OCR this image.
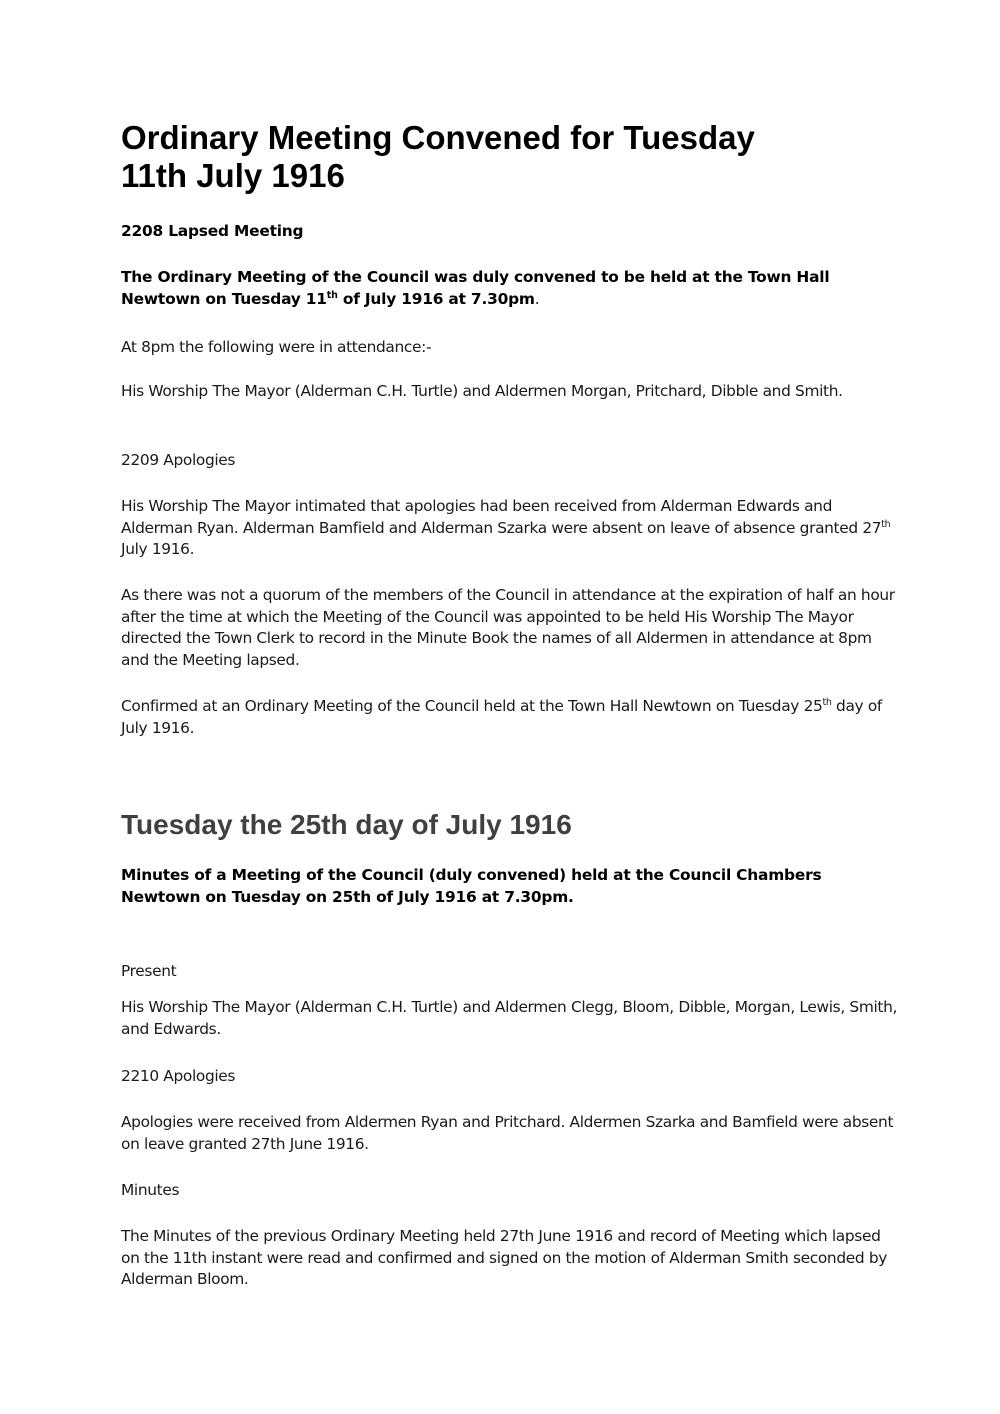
Ordinary Meeting Convened for Tuesday
11th July 1916

2208 Lapsed Meeting

The Ordinary Meeting of the Council was duly convened to be held at the Town Hall Newtown on Tuesday 11th of July 1916 at 7.30pm.

At 8pm the following were in attendance:-

His Worship The Mayor (Alderman C.H. Turtle) and Aldermen Morgan, Pritchard, Dibble and Smith.

2209 Apologies

His Worship The Mayor intimated that apologies had been received from Alderman Edwards and Alderman Ryan. Alderman Bamfield and Alderman Szarka were absent on leave of absence granted 27th July 1916.

As there was not a quorum of the members of the Council in attendance at the expiration of half an hour after the time at which the Meeting of the Council was appointed to be held His Worship The Mayor directed the Town Clerk to record in the Minute Book the names of all Aldermen in attendance at 8pm and the Meeting lapsed.

Confirmed at an Ordinary Meeting of the Council held at the Town Hall Newtown on Tuesday 25th day of July 1916.

Tuesday the 25th day of July 1916

Minutes of a Meeting of the Council (duly convened) held at the Council Chambers Newtown on Tuesday on 25th of July 1916 at 7.30pm.

Present

His Worship The Mayor (Alderman C.H. Turtle) and Aldermen Clegg, Bloom, Dibble, Morgan, Lewis, Smith, and Edwards.

2210 Apologies

Apologies were received from Aldermen Ryan and Pritchard. Aldermen Szarka and Bamfield were absent on leave granted 27th June 1916.

Minutes

The Minutes of the previous Ordinary Meeting held 27th June 1916 and record of Meeting which lapsed on the 11th instant were read and confirmed and signed on the motion of Alderman Smith seconded by Alderman Bloom.
